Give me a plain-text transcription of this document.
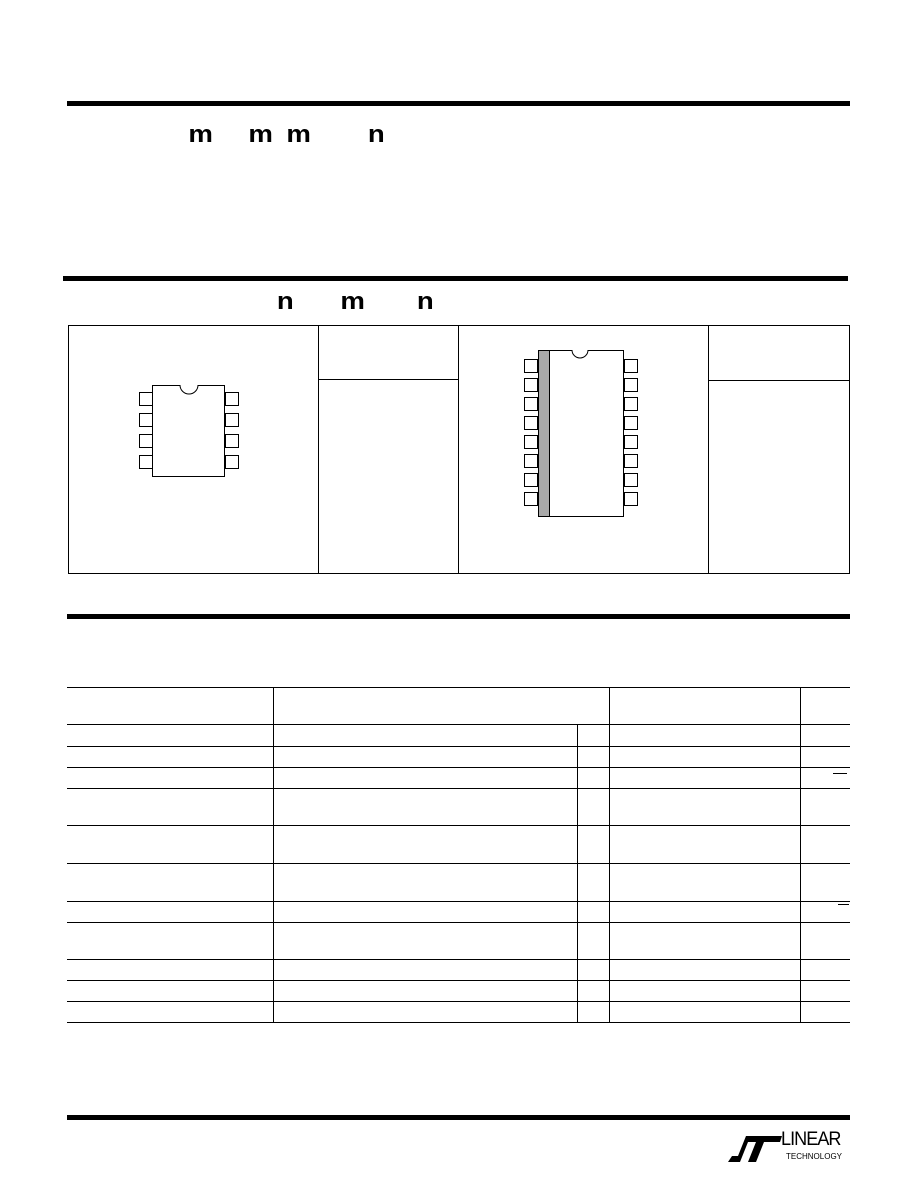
m m m n
n m n
LINEAR
TECHNOLOGY
